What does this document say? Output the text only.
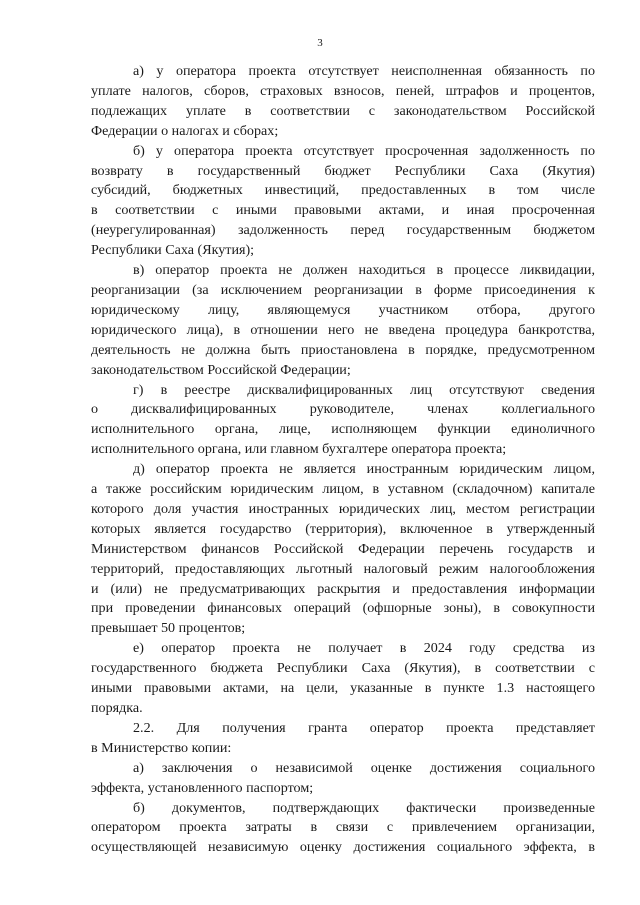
3

а) у оператора проекта отсутствует неисполненная обязанность по
уплате налогов, сборов, страховых взносов, пеней, штрафов и процентов,
подлежащих уплате в соответствии с законодательством Российской
Федерации о налогах и сборах;

б) у оператора проекта отсутствует просроченная задолженность по
возврату в государственный бюджет Республики Саха (Якутия)
субсидий, бюджетных инвестиций, предоставленных в том числе
в соответствии с иными правовыми актами, и иная просроченная
(неурегулированная) задолженность перед государственным бюджетом
Республики Саха (Якутия);

в) оператор проекта не должен находиться в процессе ликвидации,
реорганизации (за исключением реорганизации в форме присоединения к
юридическому лицу, являющемуся участником отбора, другого
юридического лица), в отношении него не введена процедура банкротства,
деятельность не должна быть приостановлена в порядке, предусмотренном
законодательством Российской Федерации;

г) в реестре дисквалифицированных лиц отсутствуют сведения
о дисквалифицированных руководителе, членах коллегиального
исполнительного органа, лице, исполняющем функции единоличного
исполнительного органа, или главном бухгалтере оператора проекта;

д) оператор проекта не является иностранным юридическим лицом,
а также российским юридическим лицом, в уставном (складочном) капитале
которого доля участия иностранных юридических лиц, местом регистрации
которых является государство (территория), включенное в утвержденный
Министерством финансов Российской Федерации перечень государств и
территорий, предоставляющих льготный налоговый режим налогообложения
и (или) не предусматривающих раскрытия и предоставления информации
при проведении финансовых операций (офшорные зоны), в совокупности
превышает 50 процентов;

е) оператор проекта не получает в 2024 году средства из
государственного бюджета Республики Саха (Якутия), в соответствии с
иными правовыми актами, на цели, указанные в пункте 1.3 настоящего
порядка.

2.2. Для получения гранта оператор проекта представляет
в Министерство копии:

а) заключения о независимой оценке достижения социального
эффекта, установленного паспортом;

б) документов, подтверждающих фактически произведенные
оператором проекта затраты в связи с привлечением организации,
осуществляющей независимую оценку достижения социального эффекта, в
